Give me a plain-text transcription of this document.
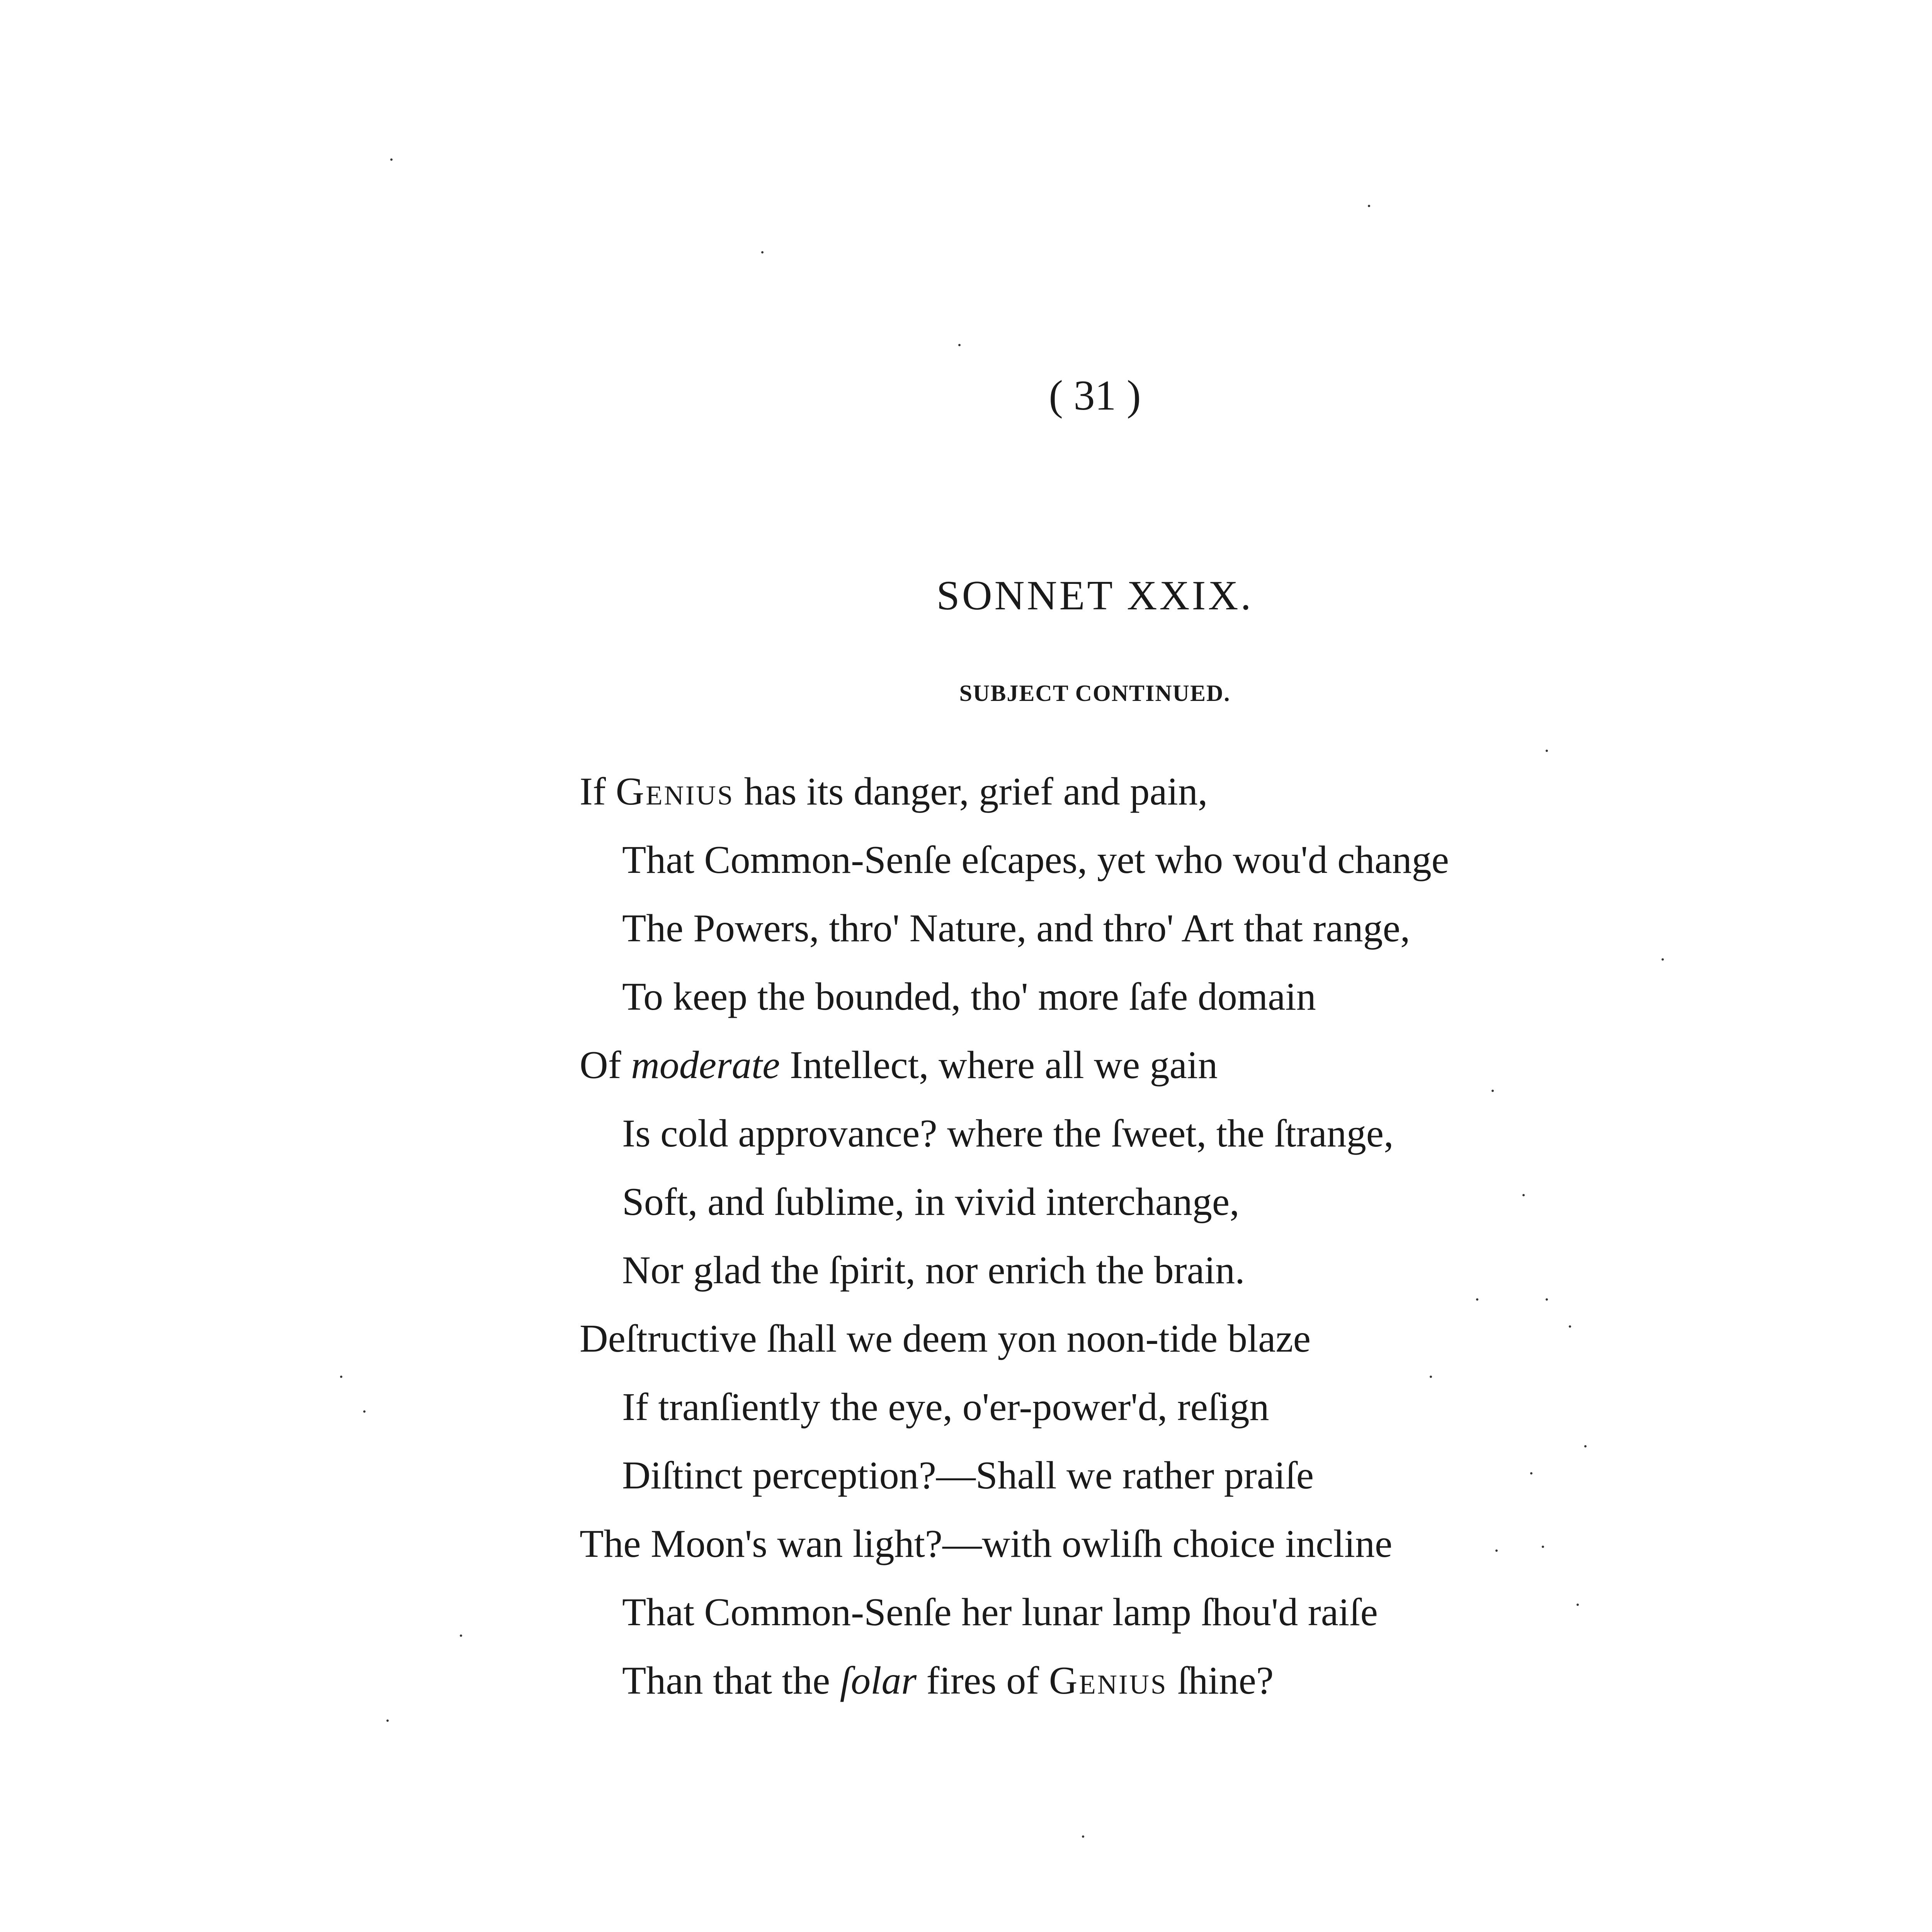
( 31 )
SONNET XXIX.
SUBJECT CONTINUED.
If Genius has its danger, grief and pain,
That Common-Senſe eſcapes, yet who wou'd change
The Powers, thro' Nature, and thro' Art that range,
To keep the bounded, tho' more ſafe domain
Of moderate Intellect, where all we gain
Is cold approvance? where the ſweet, the ſtrange,
Soft, and ſublime, in vivid interchange,
Nor glad the ſpirit, nor enrich the brain.
Deſtructive ſhall we deem yon noon-tide blaze
If tranſiently the eye, o'er-power'd, reſign
Diſtinct perception?—Shall we rather praiſe
The Moon's wan light?—with owliſh choice incline
That Common-Senſe her lunar lamp ſhou'd raiſe
Than that the ſolar fires of Genius ſhine?
